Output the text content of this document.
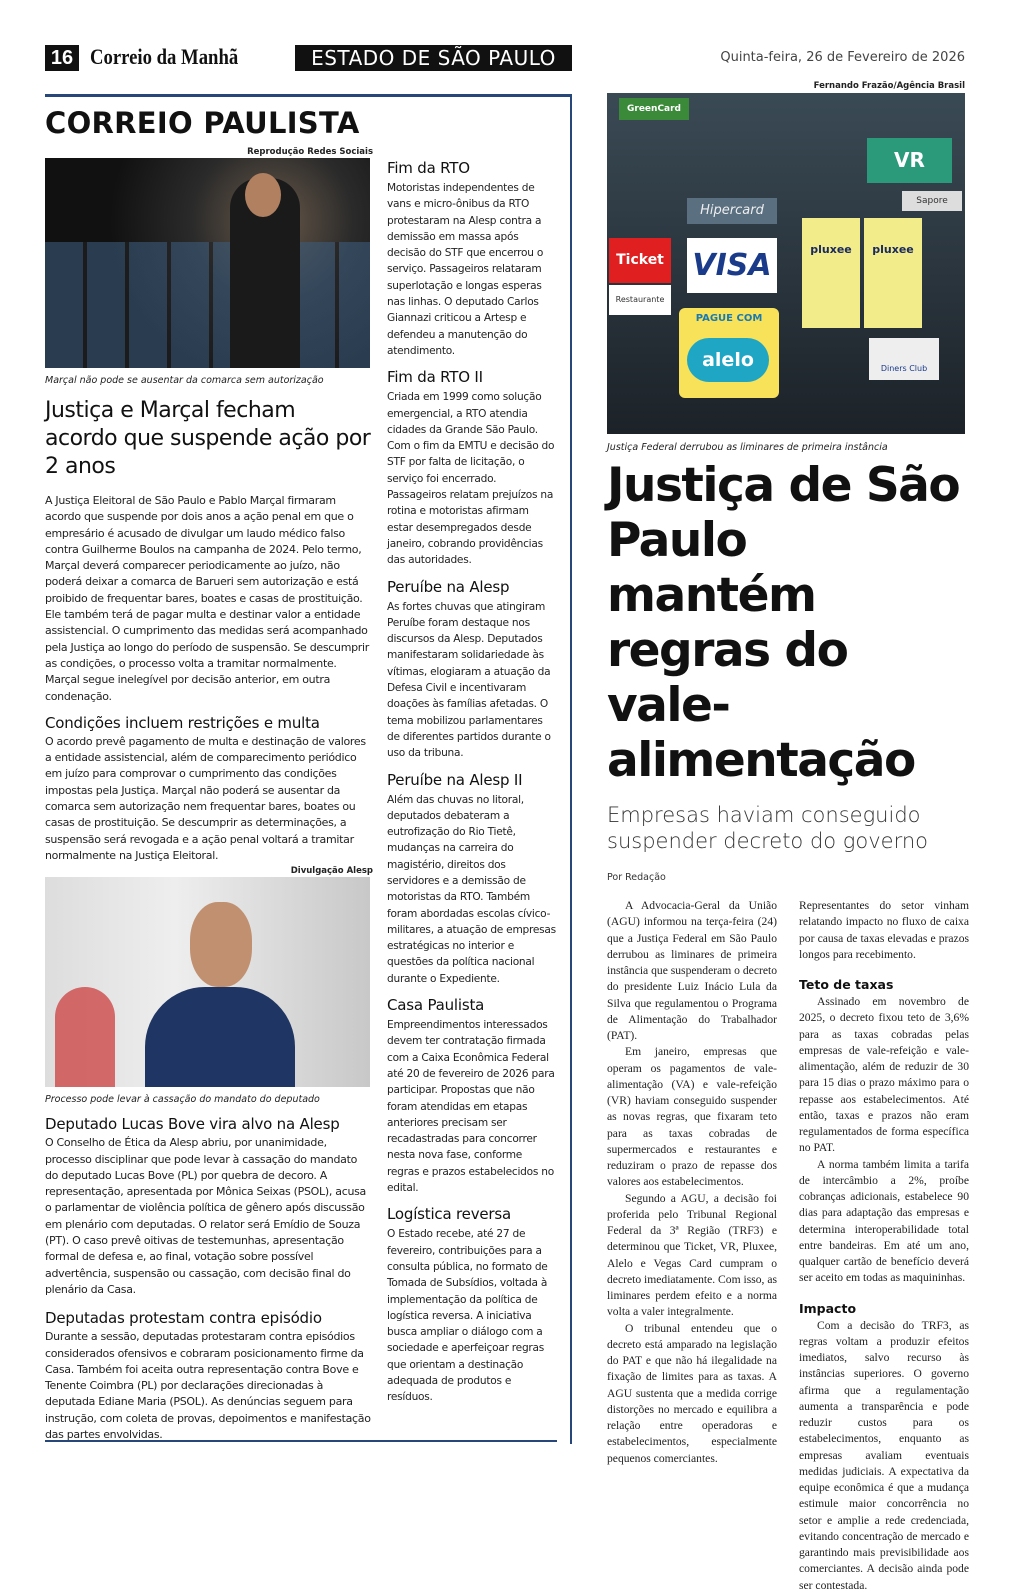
16 Correio da Manhã	ESTADO DE SÃO PAULO	Quinta-feira, 26 de Fevereiro de 2026
CORREIO PAULISTA
Reprodução Redes Sociais
Marçal não pode se ausentar da comarca sem autorização
Justiça e Marçal fecham acordo que suspende ação por 2 anos
A Justiça Eleitoral de São Paulo e Pablo Marçal firmaram acordo que suspende por dois anos a ação penal em que o empresário é acusado de divulgar um laudo médico falso contra Guilherme Boulos na campanha de 2024. Pelo termo, Marçal deverá comparecer periodicamente ao juízo, não poderá deixar a comarca de Barueri sem autorização e está proibido de frequentar bares, boates e casas de prostituição. Ele também terá de pagar multa e destinar valor a entidade assistencial. O cumprimento das medidas será acompanhado pela Justiça ao longo do período de suspensão. Se descumprir as condições, o processo volta a tramitar normalmente. Marçal segue inelegível por decisão anterior, em outra condenação.
Condições incluem restrições e multa
O acordo prevê pagamento de multa e destinação de valores a entidade assistencial, além de comparecimento periódico em juízo para comprovar o cumprimento das condições impostas pela Justiça. Marçal não poderá se ausentar da comarca sem autorização nem frequentar bares, boates ou casas de prostituição. Se descumprir as determinações, a suspensão será revogada e a ação penal voltará a tramitar normalmente na Justiça Eleitoral.
Divulgação Alesp
Processo pode levar à cassação do mandato do deputado
Deputado Lucas Bove vira alvo na Alesp
O Conselho de Ética da Alesp abriu, por unanimidade, processo disciplinar que pode levar à cassação do mandato do deputado Lucas Bove (PL) por quebra de decoro. A representação, apresentada por Mônica Seixas (PSOL), acusa o parlamentar de violência política de gênero após discussão em plenário com deputadas. O relator será Emídio de Souza (PT). O caso prevê oitivas de testemunhas, apresentação formal de defesa e, ao final, votação sobre possível advertência, suspensão ou cassação, com decisão final do plenário da Casa.
Deputadas protestam contra episódio
Durante a sessão, deputadas protestaram contra episódios considerados ofensivos e cobraram posicionamento firme da Casa. Também foi aceita outra representação contra Bove e Tenente Coimbra (PL) por declarações direcionadas à deputada Ediane Maria (PSOL). As denúncias seguem para instrução, com coleta de provas, depoimentos e manifestação das partes envolvidas.
Fim da RTO
Motoristas independentes de vans e micro-ônibus da RTO protestaram na Alesp contra a demissão em massa após decisão do STF que encerrou o serviço. Passageiros relataram superlotação e longas esperas nas linhas. O deputado Carlos Giannazi criticou a Artesp e defendeu a manutenção do atendimento.
Fim da RTO II
Criada em 1999 como solução emergencial, a RTO atendia cidades da Grande São Paulo. Com o fim da EMTU e decisão do STF por falta de licitação, o serviço foi encerrado. Passageiros relatam prejuízos na rotina e motoristas afirmam estar desempregados desde janeiro, cobrando providências das autoridades.
Peruíbe na Alesp
As fortes chuvas que atingiram Peruíbe foram destaque nos discursos da Alesp. Deputados manifestaram solidariedade às vítimas, elogiaram a atuação da Defesa Civil e incentivaram doações às famílias afetadas. O tema mobilizou parlamentares de diferentes partidos durante o uso da tribuna.
Peruíbe na Alesp II
Além das chuvas no litoral, deputados debateram a eutrofização do Rio Tietê, mudanças na carreira do magistério, direitos dos servidores e a demissão de motoristas da RTO. Também foram abordadas escolas cívico-militares, a atuação de empresas estratégicas no interior e questões da política nacional durante o Expediente.
Casa Paulista
Empreendimentos interessados devem ter contratação firmada com a Caixa Econômica Federal até 20 de fevereiro de 2026 para participar. Propostas que não foram atendidas em etapas anteriores precisam ser recadastradas para concorrer nesta nova fase, conforme regras e prazos estabelecidos no edital.
Logística reversa
O Estado recebe, até 27 de fevereiro, contribuições para a consulta pública, no formato de Tomada de Subsídios, voltada à implementação da política de logística reversa. A iniciativa busca ampliar o diálogo com a sociedade e aperfeiçoar regras que orientam a destinação adequada de produtos e resíduos.
Fernando Frazão/Agência Brasil
GreenCard
Hipercard
VISA
Ticket
Restaurante
PAGUE COM
alelo
pluxee	pluxee
VR
Sapore
Diners Club
Justiça Federal derrubou as liminares de primeira instância
Justiça de São Paulo mantém regras do vale-alimentação
Empresas haviam conseguido suspender decreto do governo
Por Redação

A Advocacia-Geral da União (AGU) informou na terça-feira (24) que a Justiça Federal em São Paulo derrubou as liminares de primeira instância que suspenderam o decreto do presidente Luiz Inácio Lula da Silva que regulamentou o Programa de Alimentação do Trabalhador (PAT).

Em janeiro, empresas que operam os pagamentos de vale-alimentação (VA) e vale-refeição (VR) haviam conseguido suspender as novas regras, que fixaram teto para as taxas cobradas de supermercados e restaurantes e reduziram o prazo de repasse dos valores aos estabelecimentos.

Segundo a AGU, a decisão foi proferida pelo Tribunal Regional Federal da 3ª Região (TRF3) e determinou que Ticket, VR, Pluxee, Alelo e Vegas Card cumpram o decreto imediatamente. Com isso, as liminares perdem efeito e a norma volta a valer integralmente.

O tribunal entendeu que o decreto está amparado na legislação do PAT e que não há ilegalidade na fixação de limites para as taxas. A AGU sustenta que a medida corrige distorções no mercado e equilibra a relação entre operadoras e estabelecimentos, especialmente pequenos comerciantes.

Representantes do setor vinham relatando impacto no fluxo de caixa por causa de taxas elevadas e prazos longos para recebimento.

Teto de taxas

Assinado em novembro de 2025, o decreto fixou teto de 3,6% para as taxas cobradas pelas empresas de vale-refeição e vale-alimentação, além de reduzir de 30 para 15 dias o prazo máximo para o repasse aos estabelecimentos. Até então, taxas e prazos não eram regulamentados de forma específica no PAT.

A norma também limita a tarifa de intercâmbio a 2%, proíbe cobranças adicionais, estabelece 90 dias para adaptação das empresas e determina interoperabilidade total entre bandeiras. Em até um ano, qualquer cartão de benefício deverá ser aceito em todas as maquininhas.

Impacto

Com a decisão do TRF3, as regras voltam a produzir efeitos imediatos, salvo recurso às instâncias superiores. O governo afirma que a regulamentação aumenta a transparência e pode reduzir custos para os estabelecimentos, enquanto as empresas avaliam eventuais medidas judiciais. A expectativa da equipe econômica é que a mudança estimule maior concorrência no setor e amplie a rede credenciada, evitando concentração de mercado e garantindo mais previsibilidade aos comerciantes. A decisão ainda pode ser contestada.
